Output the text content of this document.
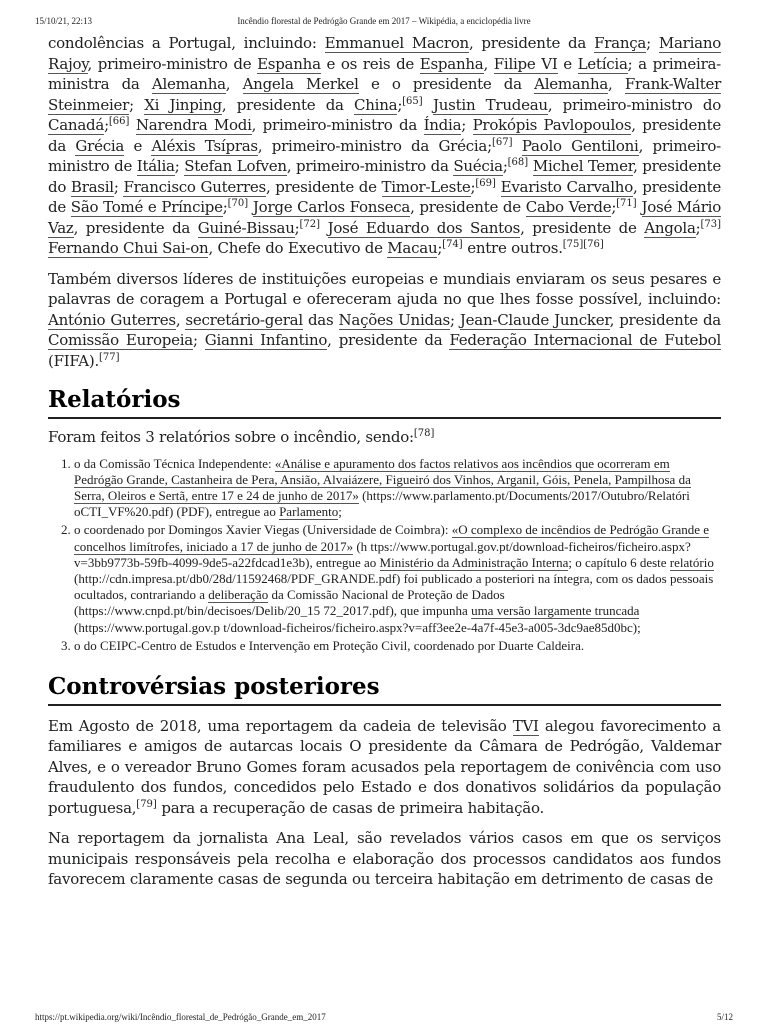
15/10/21, 22:13	Incêndio florestal de Pedrógão Grande em 2017 – Wikipédia, a enciclopédia livre

condolências a Portugal, incluindo: Emmanuel Macron, presidente da França; Mariano Rajoy, primeiro-ministro de Espanha e os reis de Espanha, Filipe VI e Letícia; a primeira-ministra da Alemanha, Angela Merkel e o presidente da Alemanha, Frank-Walter Steinmeier; Xi Jinping, presidente da China;[65] Justin Trudeau, primeiro-ministro do Canadá;[66] Narendra Modi, primeiro-ministro da Índia; Prokópis Pavlopoulos, presidente da Grécia e Aléxis Tsípras, primeiro-ministro da Grécia;[67] Paolo Gentiloni, primeiro-ministro de Itália; Stefan Lofven, primeiro-ministro da Suécia;[68] Michel Temer, presidente do Brasil; Francisco Guterres, presidente de Timor-Leste;[69] Evaristo Carvalho, presidente de São Tomé e Príncipe;[70] Jorge Carlos Fonseca, presidente de Cabo Verde;[71] José Mário Vaz, presidente da Guiné-Bissau;[72] José Eduardo dos Santos, presidente de Angola;[73] Fernando Chui Sai-on, Chefe do Executivo de Macau;[74] entre outros.[75][76]

Também diversos líderes de instituições europeias e mundiais enviaram os seus pesares e palavras de coragem a Portugal e ofereceram ajuda no que lhes fosse possível, incluindo: António Guterres, secretário-geral das Nações Unidas; Jean-Claude Juncker, presidente da Comissão Europeia; Gianni Infantino, presidente da Federação Internacional de Futebol (FIFA).[77]

Relatórios

Foram feitos 3 relatórios sobre o incêndio, sendo:[78]

1. o da Comissão Técnica Independente: «Análise e apuramento dos factos relativos aos incêndios que ocorreram em Pedrógão Grande, Castanheira de Pera, Ansião, Alvaiázere, Figueiró dos Vinhos, Arganil, Góis, Penela, Pampilhosa da Serra, Oleiros e Sertã, entre 17 e 24 de junho de 2017» (https://www.parlamento.pt/Documents/2017/Outubro/Relatóri oCTI_VF%20.pdf) (PDF), entregue ao Parlamento;
2. o coordenado por Domingos Xavier Viegas (Universidade de Coimbra): «O complexo de incêndios de Pedrógão Grande e concelhos limítrofes, iniciado a 17 de junho de 2017» (h ttps://www.portugal.gov.pt/download-ficheiros/ficheiro.aspx?v=3bb9773b-59fb-4099-9de5-a22fdcad1e3b), entregue ao Ministério da Administração Interna; o capítulo 6 deste relatório (http://cdn.impresa.pt/db0/28d/11592468/PDF_GRANDE.pdf) foi publicado a posteriori na íntegra, com os dados pessoais ocultados, contrariando a deliberação da Comissão Nacional de Proteção de Dados (https://www.cnpd.pt/bin/decisoes/Delib/20_15 72_2017.pdf), que impunha uma versão largamente truncada (https://www.portugal.gov.p t/download-ficheiros/ficheiro.aspx?v=aff3ee2e-4a7f-45e3-a005-3dc9ae85d0bc);
3. o do CEIPC-Centro de Estudos e Intervenção em Proteção Civil, coordenado por Duarte Caldeira.
Controvérsias posteriores

Em Agosto de 2018, uma reportagem da cadeia de televisão TVI alegou favorecimento a familiares e amigos de autarcas locais O presidente da Câmara de Pedrógão, Valdemar Alves, e o vereador Bruno Gomes foram acusados pela reportagem de conivência com uso fraudulento dos fundos, concedidos pelo Estado e dos donativos solidários da população portuguesa,[79] para a recuperação de casas de primeira habitação.

Na reportagem da jornalista Ana Leal, são revelados vários casos em que os serviços municipais responsáveis pela recolha e elaboração dos processos candidatos aos fundos favorecem claramente casas de segunda ou terceira habitação em detrimento de casas de

https://pt.wikipedia.org/wiki/Incêndio_florestal_de_Pedrógão_Grande_em_2017	5/12
